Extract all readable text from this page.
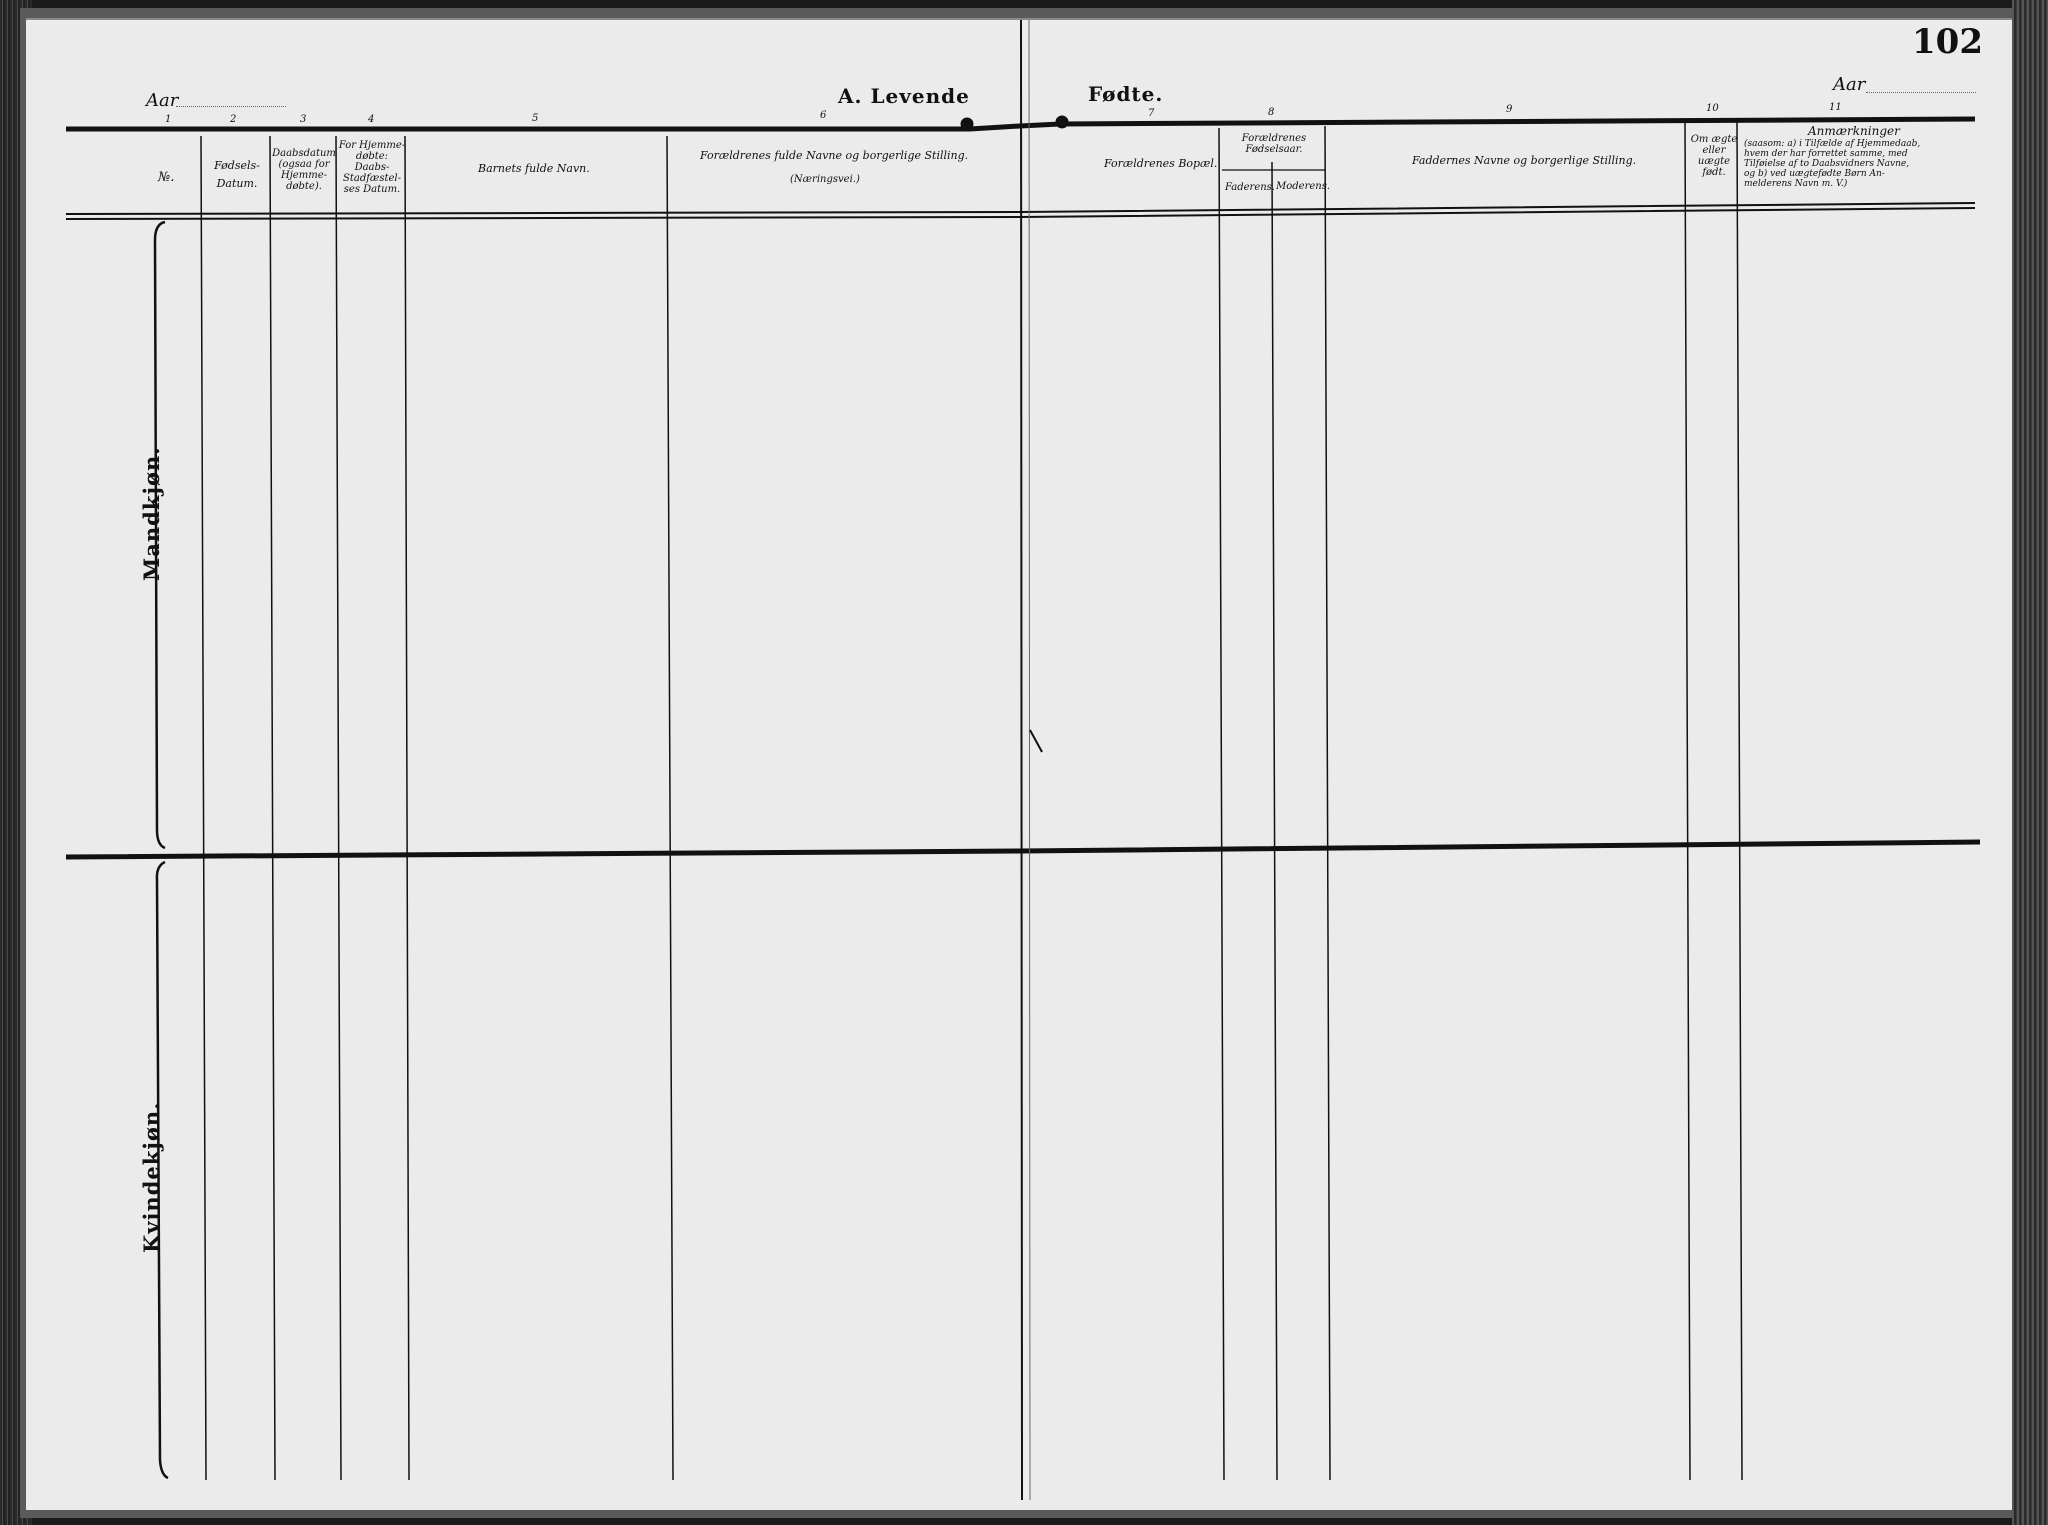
102
Aar
Aar
A. Levende	Fødte.
1	2	3	4	5	6	7	8	9	10	11
№.
Fødsels-
Datum.
Daabsdatum
(ogsaa for
Hjemme-
døbte).
For Hjemme-
døbte:
Daabs-
Stadfæstel-
ses Datum.
Barnets fulde Navn.
Forældrenes fulde Navne og borgerlige Stilling.
(Næringsvei.)
Forældrenes Bopæl.
Forældrenes
Fødselsaar.
Faderens. Moderens.
Faddernes Navne og borgerlige Stilling.
Om ægte
eller
uægte
født.
Anmærkninger
(saasom: a) i Tilfælde af Hjemmedaab,
hvem der har forrettet samme, med
Tilføielse af to Daabsvidners Navne,
og b) ved uægtefødte Børn An-
melderens Navn m. V.)
Mandkjøn.
Kvindekjøn.
